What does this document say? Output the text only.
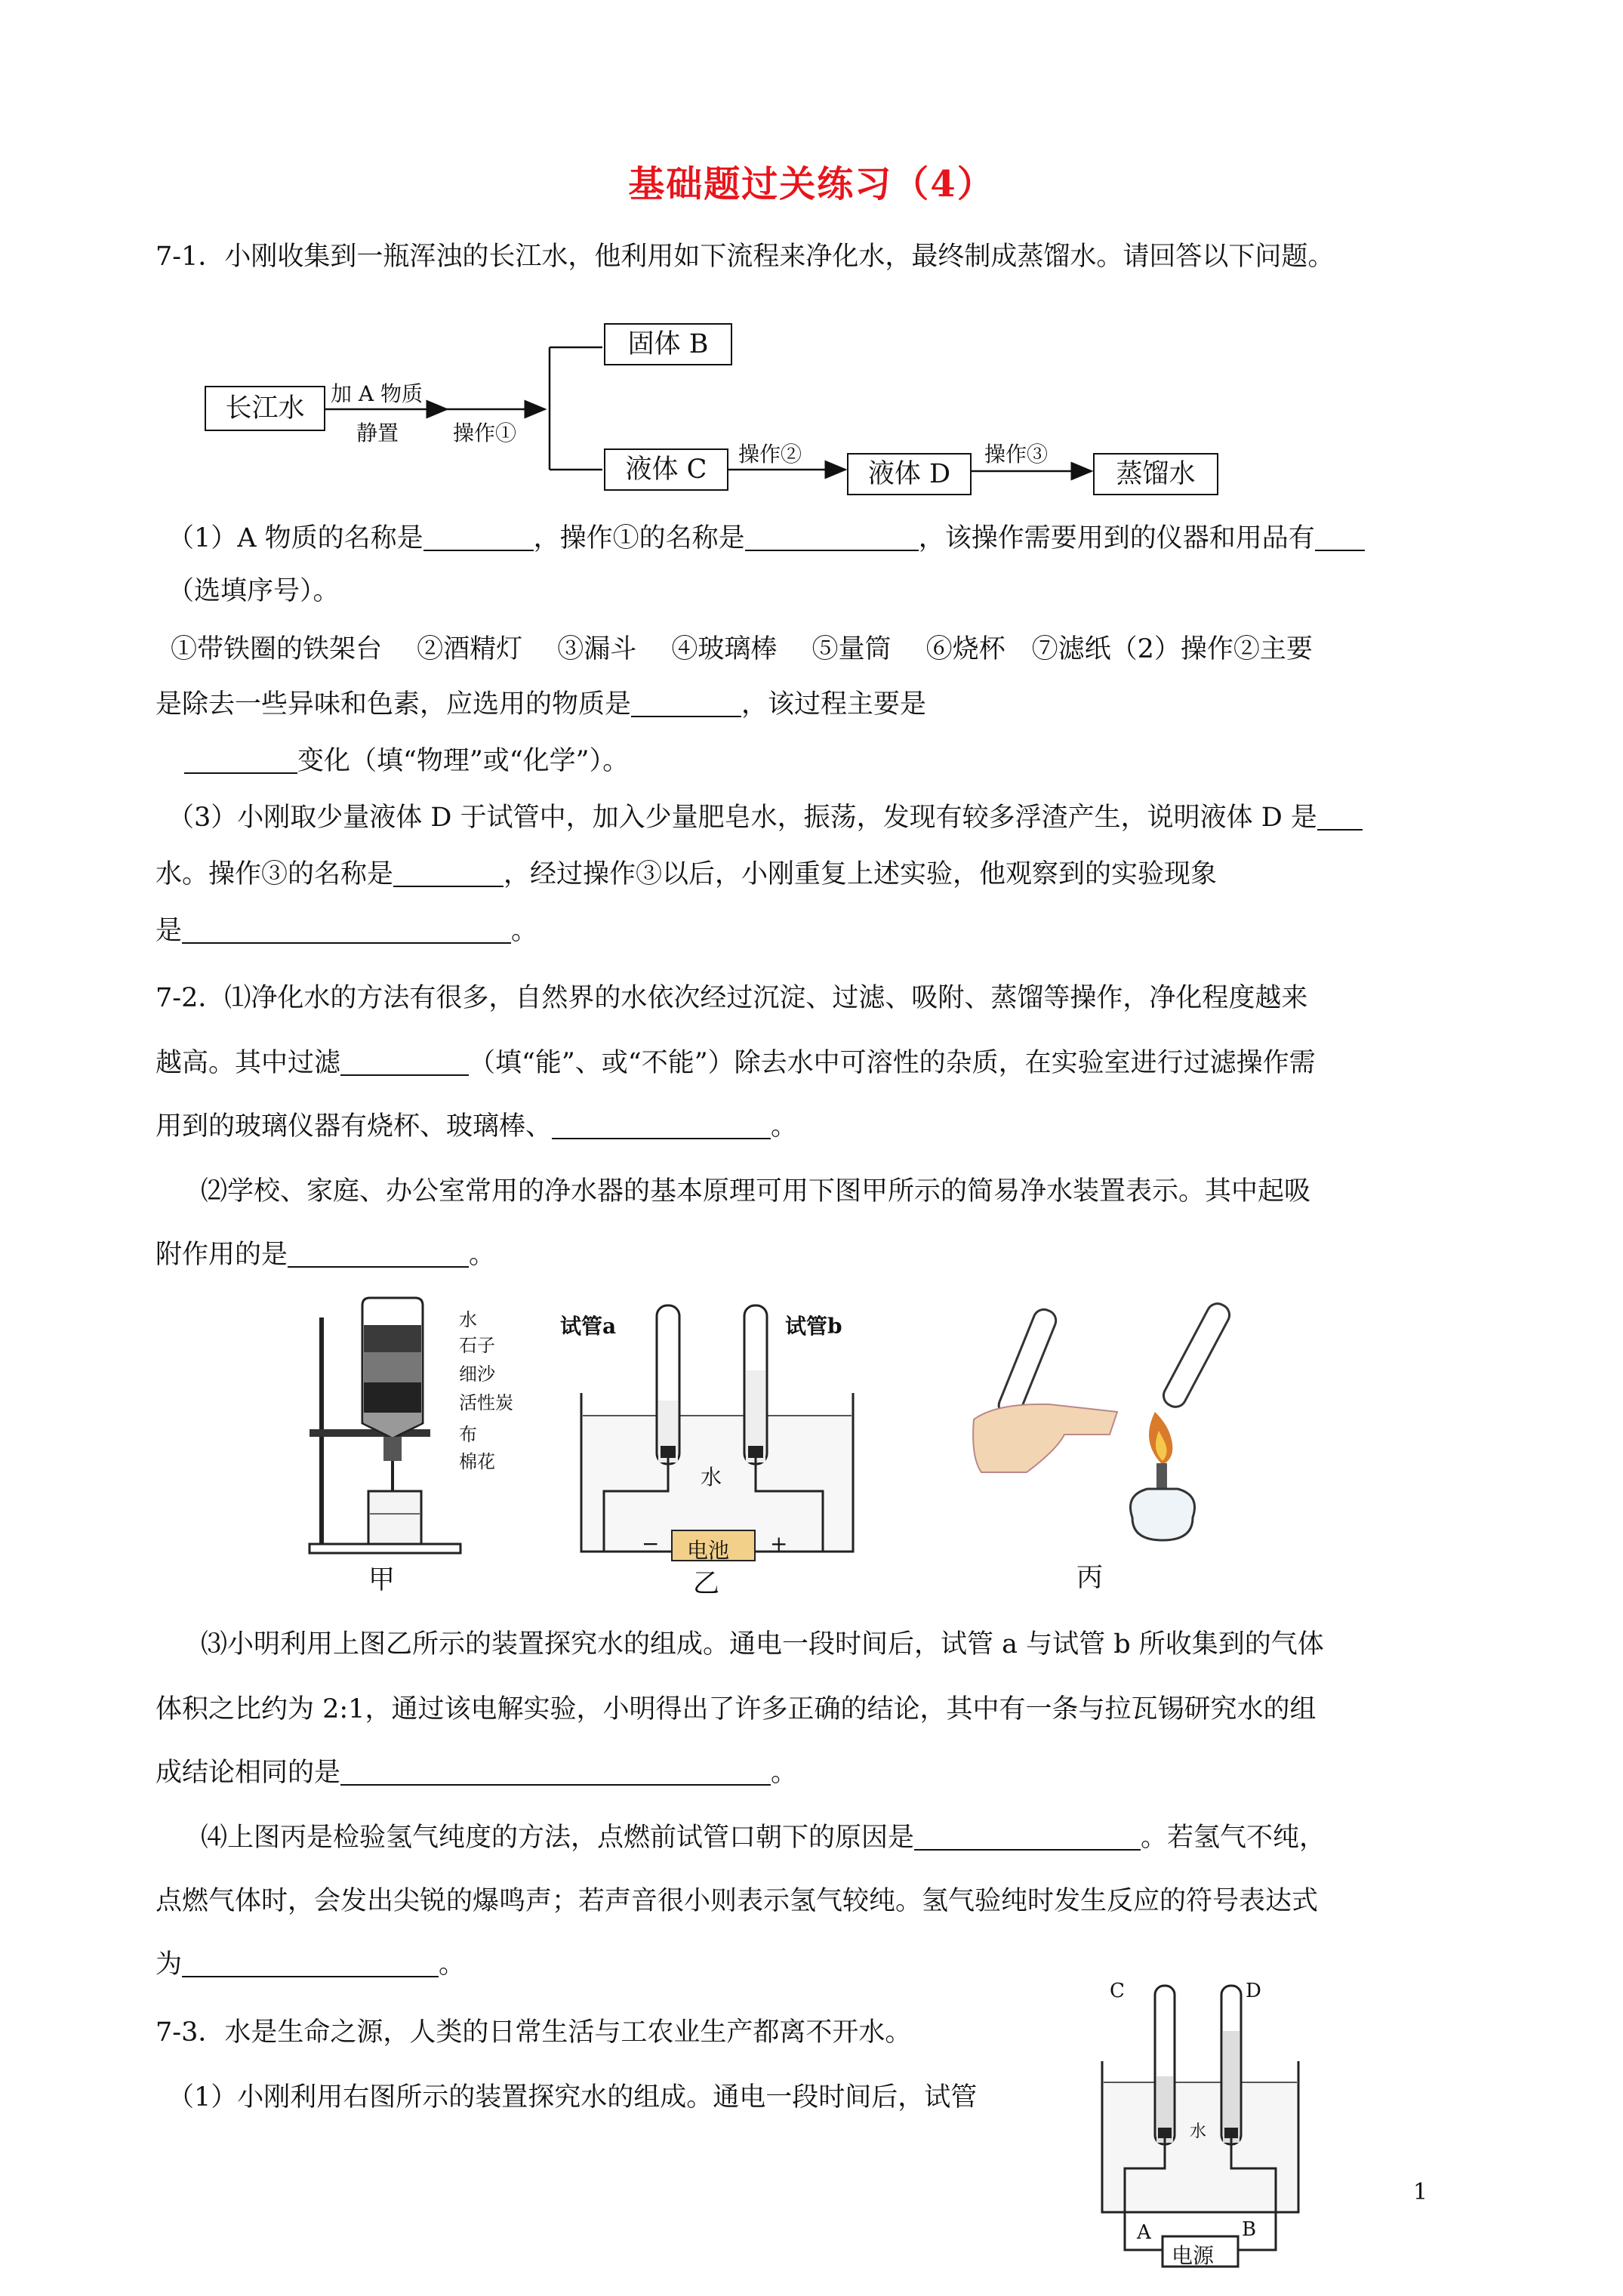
基础题过关练习（4）
7-1．小刚收集到一瓶浑浊的长江水，他利用如下流程来净化水，最终制成蒸馏水。请回答以下问题。
长江水	加 A 物质
静置	操作①
固体 B
液体 C
操作②
液体 D
操作③
蒸馏水
（1）A 物质的名称是	，操作①的名称是	，该操作需要用到的仪器和用品有
（选填序号）。
①带铁圈的铁架台　 ②酒精灯　 ③漏斗　 ④玻璃棒　 ⑤量筒　 ⑥烧杯　⑦滤纸（2）操作②主要
是除去一些异味和色素，应选用的物质是	，该过程主要是
变化（填“物理”或“化学”）。
（3）小刚取少量液体 D 于试管中，加入少量肥皂水，振荡，发现有较多浮渣产生，说明液体 D 是
水。操作③的名称是	，经过操作③以后，小刚重复上述实验，他观察到的实验现象
是	。
7-2．⑴净化水的方法有很多，自然界的水依次经过沉淀、过滤、吸附、蒸馏等操作，净化程度越来
越高。其中过滤	（填“能”、或“不能”）除去水中可溶性的杂质，在实验室进行过滤操作需
用到的玻璃仪器有烧杯、玻璃棒、	。
⑵学校、家庭、办公室常用的净水器的基本原理可用下图甲所示的简易净水装置表示。其中起吸
附作用的是	。
水
石子
细沙
活性炭
布
棉花
甲
试管a	试管b
水
电池
−	+
乙	丙
⑶小明利用上图乙所示的装置探究水的组成。通电一段时间后，试管 a 与试管 b 所收集到的气体
体积之比约为 2:1，通过该电解实验，小明得出了许多正确的结论，其中有一条与拉瓦锡研究水的组
成结论相同的是	。
⑷上图丙是检验氢气纯度的方法，点燃前试管口朝下的原因是	。若氢气不纯，
点燃气体时，会发出尖锐的爆鸣声；若声音很小则表示氢气较纯。氢气验纯时发生反应的符号表达式
为	。
7-3．水是生命之源，人类的日常生活与工农业生产都离不开水。
（1）小刚利用右图所示的装置探究水的组成。通电一段时间后，试管
C	D
水
A	B
电源
1
